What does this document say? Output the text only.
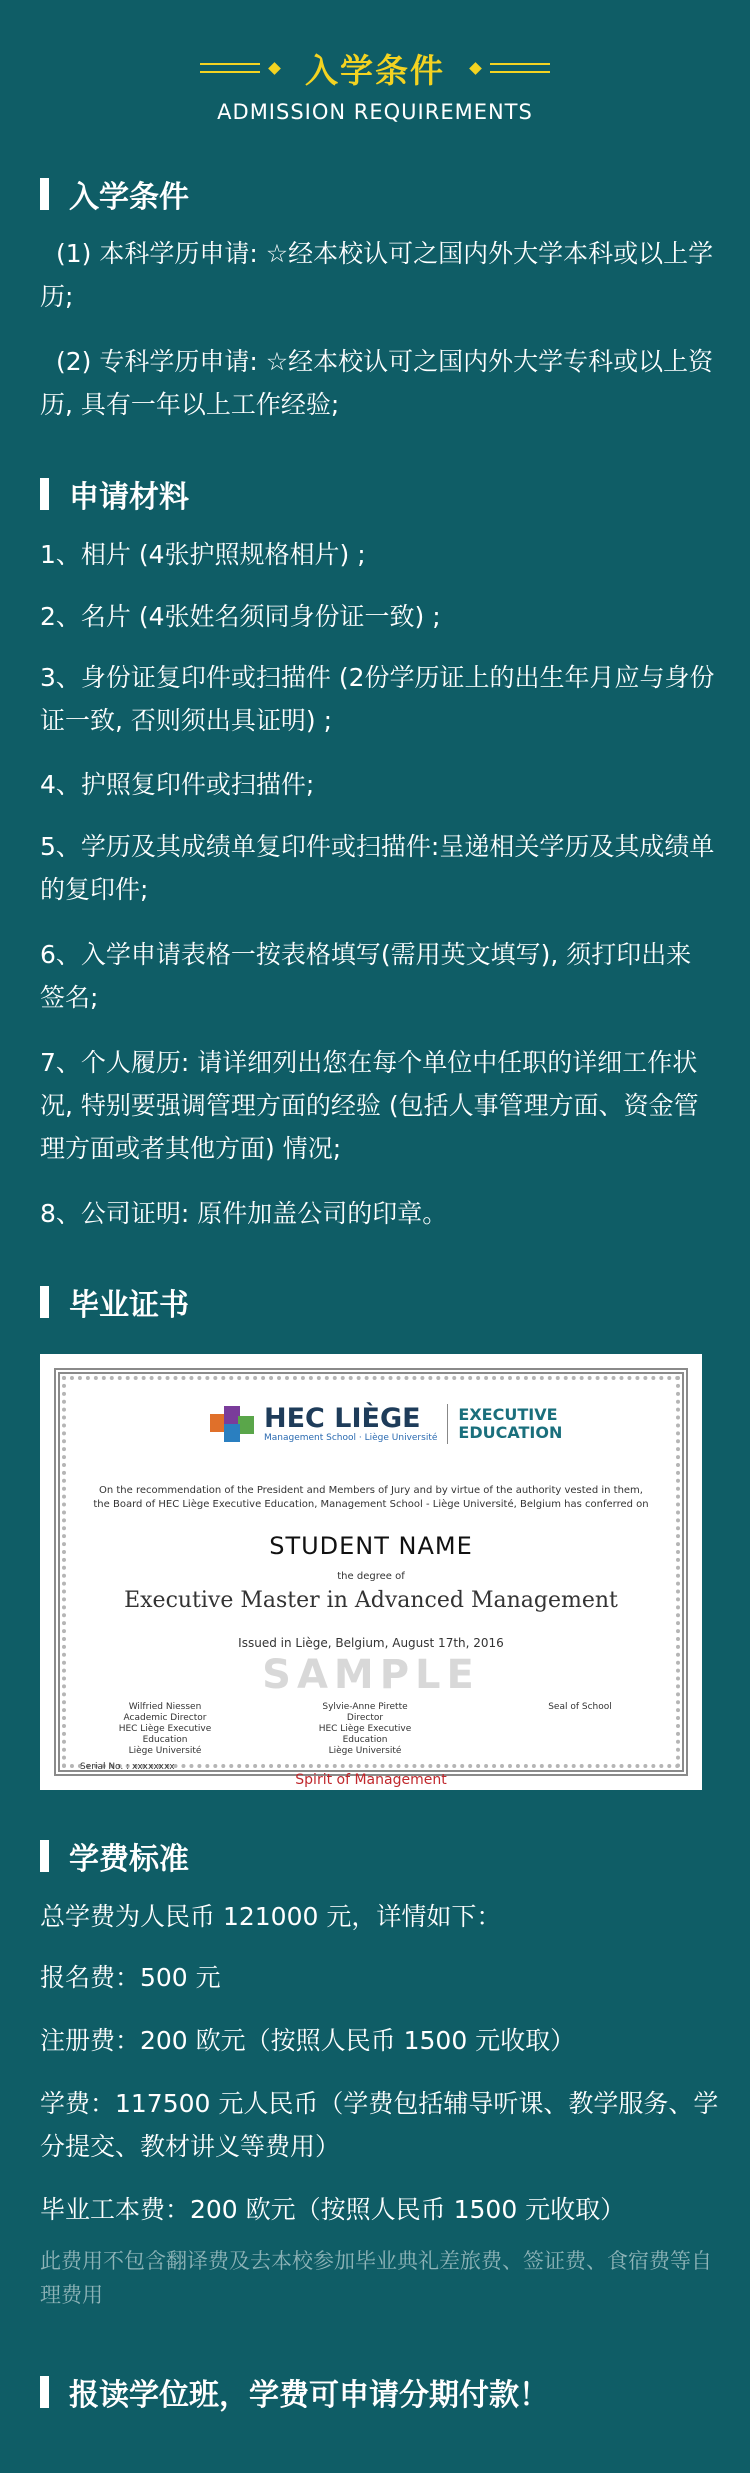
入学条件
ADMISSION REQUIREMENTS
入学条件
(1) 本科学历申请: ☆经本校认可之国内外大学本科或以上学历;
(2) 专科学历申请: ☆经本校认可之国内外大学专科或以上资历, 具有一年以上工作经验;
申请材料
1、相片 (4张护照规格相片) ;
2、名片 (4张姓名须同身份证一致) ;
3、身份证复印件或扫描件 (2份学历证上的出生年月应与身份证一致, 否则须出具证明) ;
4、护照复印件或扫描件;
5、学历及其成绩单复印件或扫描件:呈递相关学历及其成绩单的复印件;
6、入学申请表格一按表格填写(需用英文填写), 须打印出来签名;
7、个人履历: 请详细列出您在每个单位中任职的详细工作状况, 特别要强调管理方面的经验 (包括人事管理方面、资金管理方面或者其他方面) 情况;
8、公司证明: 原件加盖公司的印章。
毕业证书
HEC LIÈGE
Management School · Liège Université
EXECUTIVE
EDUCATION
On the recommendation of the President and Members of Jury and by virtue of the authority vested in them,
the Board of HEC Liège Executive Education, Management School - Liège Université, Belgium has conferred on
STUDENT NAME
the degree of
Executive Master in Advanced Management
Issued in Liège, Belgium, August 17th, 2016
SAMPLE
Wilfried Niessen
Academic Director
HEC Liège Executive Education
Liège Université
Sylvie-Anne Pirette
Director
HEC Liège Executive Education
Liège Université
Seal of School
Serial No. : xxxxxxxx
Spirit of Management
学费标准
总学费为人民币 121000 元，详情如下：
报名费：500 元
注册费：200 欧元（按照人民币 1500 元收取）
学费：117500 元人民币（学费包括辅导听课、教学服务、学分提交、教材讲义等费用）
毕业工本费：200 欧元（按照人民币 1500 元收取）
此费用不包含翻译费及去本校参加毕业典礼差旅费、签证费、食宿费等自理费用
报读学位班，学费可申请分期付款！
